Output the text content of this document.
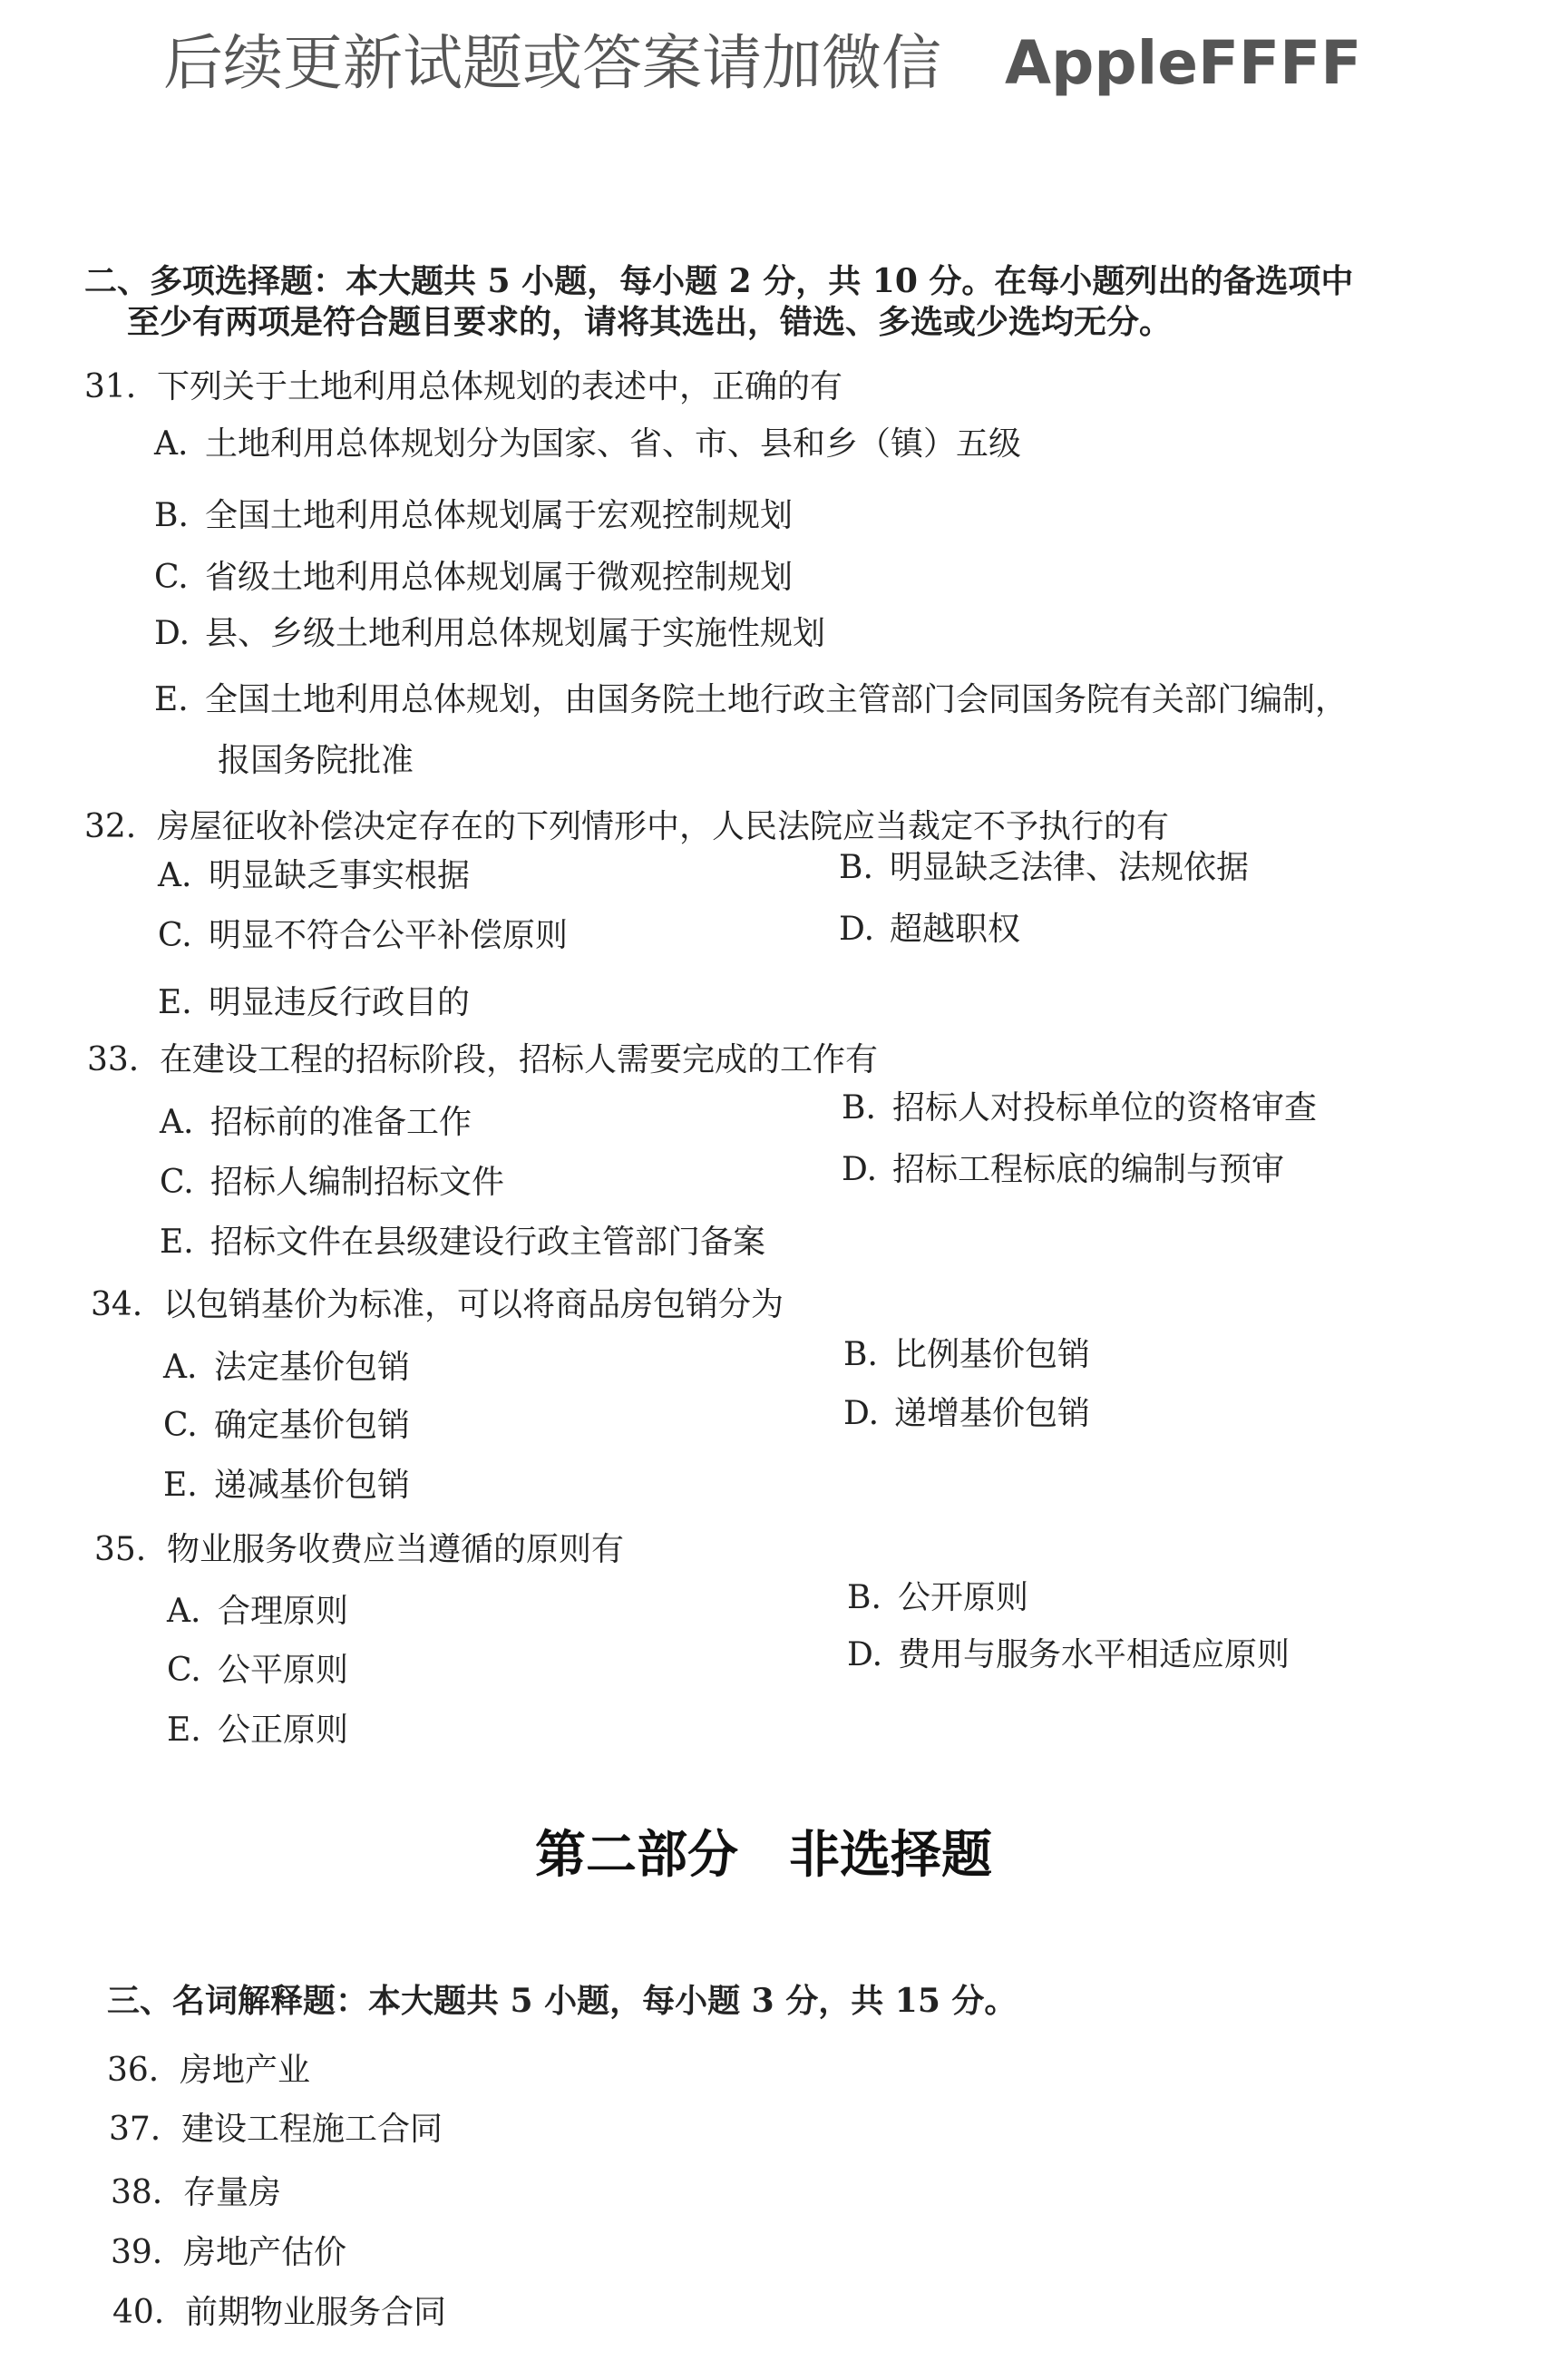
后续更新试题或答案请加微信 AppleFFFF
二、多项选择题：本大题共 5 小题，每小题 2 分，共 10 分。在每小题列出的备选项中
至少有两项是符合题目要求的，请将其选出，错选、多选或少选均无分。
31. 下列关于土地利用总体规划的表述中，正确的有
A. 土地利用总体规划分为国家、省、市、县和乡（镇）五级
B. 全国土地利用总体规划属于宏观控制规划
C. 省级土地利用总体规划属于微观控制规划
D. 县、乡级土地利用总体规划属于实施性规划
E. 全国土地利用总体规划，由国务院土地行政主管部门会同国务院有关部门编制，
报国务院批准
32. 房屋征收补偿决定存在的下列情形中，人民法院应当裁定不予执行的有
A. 明显缺乏事实根据	B. 明显缺乏法律、法规依据
C. 明显不符合公平补偿原则	D. 超越职权
E. 明显违反行政目的
33. 在建设工程的招标阶段，招标人需要完成的工作有
A. 招标前的准备工作	B. 招标人对投标单位的资格审查
C. 招标人编制招标文件	D. 招标工程标底的编制与预审
E. 招标文件在县级建设行政主管部门备案
34. 以包销基价为标准，可以将商品房包销分为
A. 法定基价包销	B. 比例基价包销
C. 确定基价包销	D. 递增基价包销
E. 递减基价包销
35. 物业服务收费应当遵循的原则有
A. 合理原则	B. 公开原则
C. 公平原则	D. 费用与服务水平相适应原则
E. 公正原则
第二部分　非选择题
三、名词解释题：本大题共 5 小题，每小题 3 分，共 15 分。
36. 房地产业
37. 建设工程施工合同
38. 存量房
39. 房地产估价
40. 前期物业服务合同
